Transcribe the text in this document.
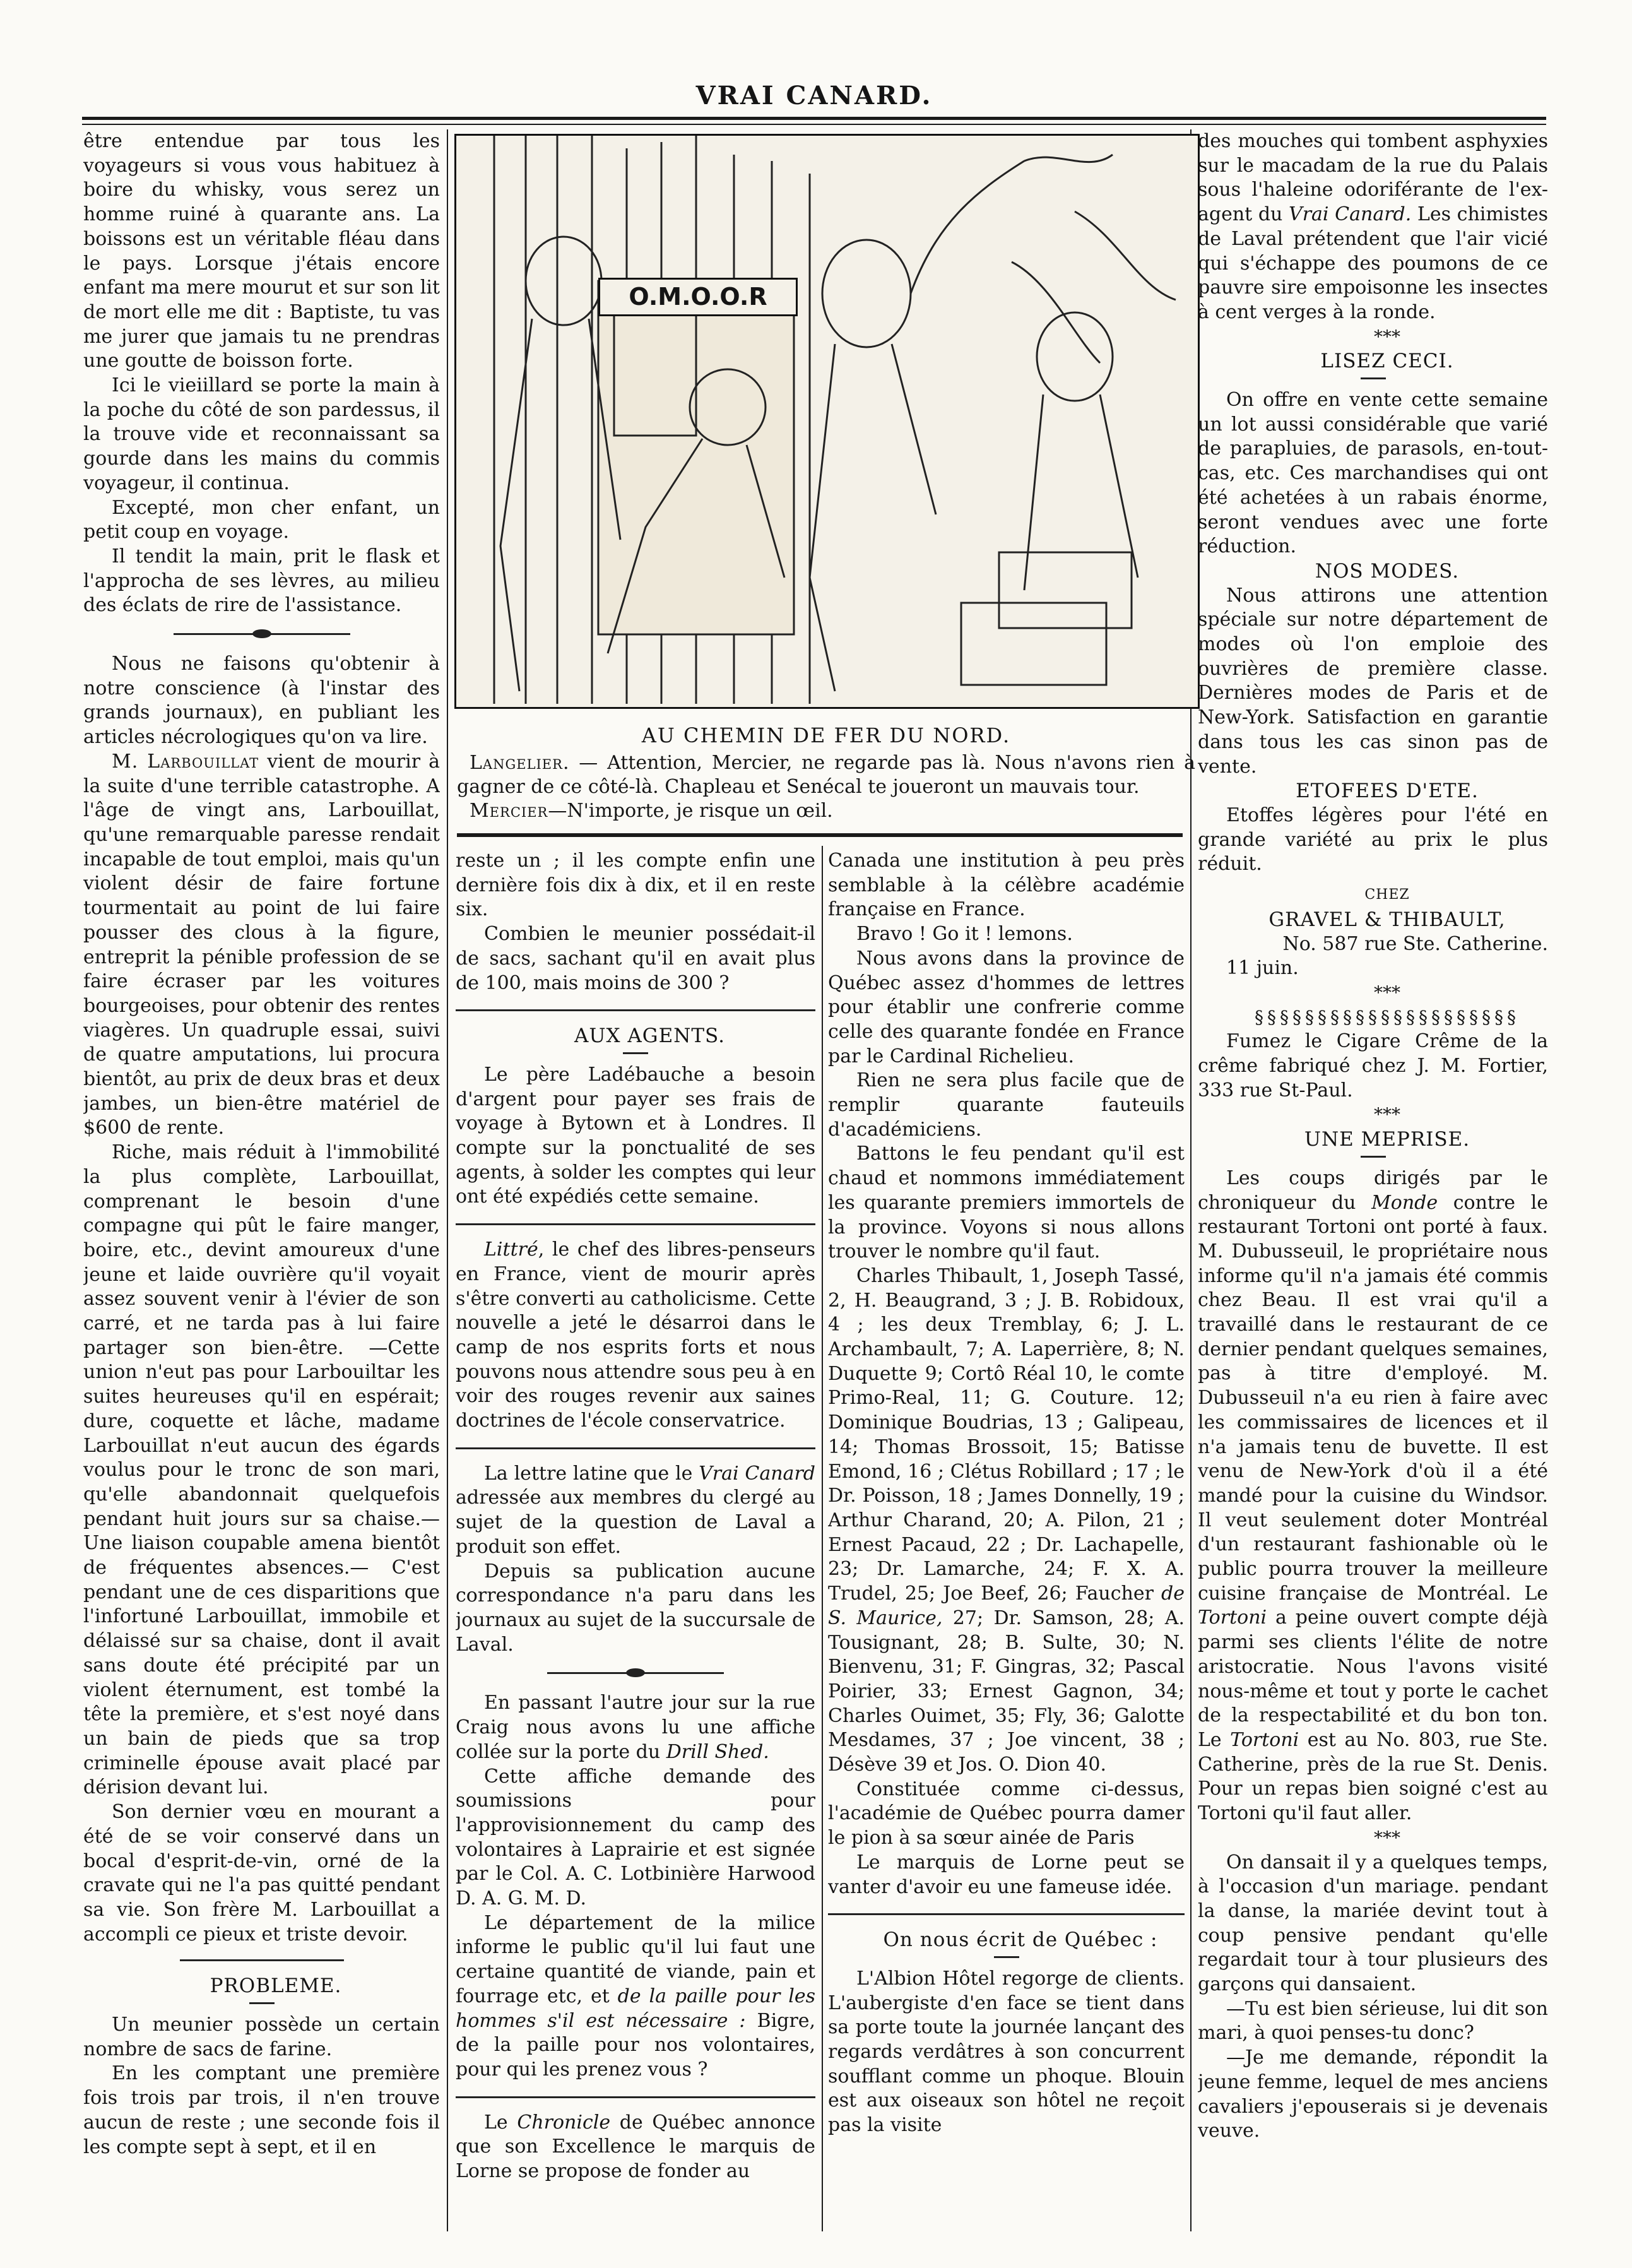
VRAI CANARD.

être entendue par tous les voyageurs si vous vous habituez à boire du whisky, vous serez un homme ruiné à quarante ans. La boissons est un véritable fléau dans le pays. Lorsque j'étais encore enfant ma mere mourut et sur son lit de mort elle me dit : Baptiste, tu vas me jurer que jamais tu ne prendras une goutte de boisson forte.

Ici le vieiillard se porte la main à la poche du côté de son pardessus, il la trouve vide et reconnaissant sa gourde dans les mains du commis voyageur, il continua.

Excepté, mon cher enfant, un petit coup en voyage.

Il tendit la main, prit le flask et l'approcha de ses lèvres, au milieu des éclats de rire de l'assistance.

Nous ne faisons qu'obtenir à notre conscience (à l'instar des grands journaux), en publiant les articles nécrologiques qu'on va lire.

M. Larbouillat vient de mourir à la suite d'une terrible catastrophe. A l'âge de vingt ans, Larbouillat, qu'une remarquable paresse rendait incapable de tout emploi, mais qu'un violent désir de faire fortune tourmentait au point de lui faire pousser des clous à la figure, entreprit la pénible profession de se faire écraser par les voitures bourgeoises, pour obtenir des rentes viagères. Un quadruple essai, suivi de quatre amputations, lui procura bientôt, au prix de deux bras et deux jambes, un bien-être matériel de $600 de rente.

Riche, mais réduit à l'immobilité la plus complète, Larbouillat, comprenant le besoin d'une compagne qui pût le faire manger, boire, etc., devint amoureux d'une jeune et laide ouvrière qu'il voyait assez souvent venir à l'évier de son carré, et ne tarda pas à lui faire partager son bien-être. —Cette union n'eut pas pour Larbouiltar les suites heureuses qu'il en espérait; dure, coquette et lâche, madame Larbouillat n'eut aucun des égards voulus pour le tronc de son mari, qu'elle abandonnait quelquefois pendant huit jours sur sa chaise.— Une liaison coupable amena bientôt de fréquentes absences.— C'est pendant une de ces disparitions que l'infortuné Larbouillat, immobile et délaissé sur sa chaise, dont il avait sans doute été précipité par un violent éternument, est tombé la tête la première, et s'est noyé dans un bain de pieds que sa trop criminelle épouse avait placé par dérision devant lui.

Son dernier vœu en mourant a été de se voir conservé dans un bocal d'esprit-de-vin, orné de la cravate qui ne l'a pas quitté pendant sa vie. Son frère M. Larbouillat a accompli ce pieux et triste devoir.

PROBLEME.

Un meunier possède un certain nombre de sacs de farine.

En les comptant une première fois trois par trois, il n'en trouve aucun de reste ; une seconde fois il les compte sept à sept, et il en

O.M.O.O.R
AU CHEMIN DE FER DU NORD.

Langelier. — Attention, Mercier, ne regarde pas là. Nous n'avons rien à gagner de ce côté-là. Chapleau et Senécal te joueront un mauvais tour.

Mercier—N'importe, je risque un œil.

reste un ; il les compte enfin une dernière fois dix à dix, et il en reste six.

Combien le meunier possédait-il de sacs, sachant qu'il en avait plus de 100, mais moins de 300 ?

AUX AGENTS.

Le père Ladébauche a besoin d'argent pour payer ses frais de voyage à Bytown et à Londres. Il compte sur la ponctualité de ses agents, à solder les comptes qui leur ont été expédiés cette semaine.

Littré, le chef des libres-penseurs en France, vient de mourir après s'être converti au catholicisme. Cette nouvelle a jeté le désarroi dans le camp de nos esprits forts et nous pouvons nous attendre sous peu à en voir des rouges revenir aux saines doctrines de l'école conservatrice.

La lettre latine que le Vrai Canard adressée aux membres du clergé au sujet de la question de Laval a produit son effet.

Depuis sa publication aucune correspondance n'a paru dans les journaux au sujet de la succursale de Laval.

En passant l'autre jour sur la rue Craig nous avons lu une affiche collée sur la porte du Drill Shed.

Cette affiche demande des soumissions pour l'approvisionnement du camp des volontaires à Laprairie et est signée par le Col. A. C. Lotbinière Harwood D. A. G. M. D.

Le département de la milice informe le public qu'il lui faut une certaine quantité de viande, pain et fourrage etc, et de la paille pour les hommes s'il est nécessaire : Bigre, de la paille pour nos volontaires, pour qui les prenez vous ?

Le Chronicle de Québec annonce que son Excellence le marquis de Lorne se propose de fonder au

Canada une institution à peu près semblable à la célèbre académie française en France.

Bravo ! Go it ! lemons.

Nous avons dans la province de Québec assez d'hommes de lettres pour établir une confrerie comme celle des quarante fondée en France par le Cardinal Richelieu.

Rien ne sera plus facile que de remplir quarante fauteuils d'académiciens.

Battons le feu pendant qu'il est chaud et nommons immédiatement les quarante premiers immortels de la province. Voyons si nous allons trouver le nombre qu'il faut.

Charles Thibault, 1, Joseph Tassé, 2, H. Beaugrand, 3 ; J. B. Robidoux, 4 ; les deux Tremblay, 6; J. L. Archambault, 7; A. Laperrière, 8; N. Duquette 9; Cortô Réal 10, le comte Primo-Real, 11; G. Couture. 12; Dominique Boudrias, 13 ; Galipeau, 14; Thomas Brossoit, 15; Batisse Emond, 16 ; Clétus Robillard ; 17 ; le Dr. Poisson, 18 ; James Donnelly, 19 ; Arthur Charand, 20; A. Pilon, 21 ; Ernest Pacaud, 22 ; Dr. Lachapelle, 23; Dr. Lamarche, 24; F. X. A. Trudel, 25; Joe Beef, 26; Faucher de S. Maurice, 27; Dr. Samson, 28; A. Tousignant, 28; B. Sulte, 30; N. Bienvenu, 31; F. Gingras, 32; Pascal Poirier, 33; Ernest Gagnon, 34; Charles Ouimet, 35; Fly, 36; Galotte Mesdames, 37 ; Joe vincent, 38 ; Désève 39 et Jos. O. Dion 40.

Constituée comme ci-dessus, l'académie de Québec pourra damer le pion à sa sœur ainée de Paris

Le marquis de Lorne peut se vanter d'avoir eu une fameuse idée.

On nous écrit de Québec :

L'Albion Hôtel regorge de clients. L'aubergiste d'en face se tient dans sa porte toute la journée lançant des regards verdâtres à son concurrent soufflant comme un phoque. Blouin est aux oiseaux son hôtel ne reçoit pas la visite

des mouches qui tombent asphyxies sur le macadam de la rue du Palais sous l'haleine odoriférante de l'ex-agent du Vrai Canard. Les chimistes de Laval prétendent que l'air vicié qui s'échappe des poumons de ce pauvre sire empoisonne les insectes à cent verges à la ronde.

***

LISEZ CECI.

On offre en vente cette semaine un lot aussi considérable que varié de parapluies, de parasols, en-tout-cas, etc. Ces marchandises qui ont été achetées à un rabais énorme, seront vendues avec une forte réduction.

NOS MODES.

Nous attirons une attention spéciale sur notre département de modes où l'on emploie des ouvrières de première classe. Dernières modes de Paris et de New-York. Satisfaction en garantie dans tous les cas sinon pas de vente.

ETOFEES D'ETE.

Etoffes légères pour l'été en grande variété au prix le plus réduit.

CHEZ

GRAVEL & THIBAULT,

No. 587 rue Ste. Catherine.

11 juin.

***

§§§§§§§§§§§§§§§§§§§§§

Fumez le Cigare Crême de la crême fabriqué chez J. M. Fortier, 333 rue St-Paul.

***

UNE MEPRISE.

Les coups dirigés par le chroniqueur du Monde contre le restaurant Tortoni ont porté à faux. M. Dubusseuil, le propriétaire nous informe qu'il n'a jamais été commis chez Beau. Il est vrai qu'il a travaillé dans le restaurant de ce dernier pendant quelques semaines, pas à titre d'employé. M. Dubusseuil n'a eu rien à faire avec les commissaires de licences et il n'a jamais tenu de buvette. Il est venu de New-York d'où il a été mandé pour la cuisine du Windsor. Il veut seulement doter Montréal d'un restaurant fashionable où le public pourra trouver la meilleure cuisine française de Montréal. Le Tortoni a peine ouvert compte déjà parmi ses clients l'élite de notre aristocratie. Nous l'avons visité nous-même et tout y porte le cachet de la respectabilité et du bon ton. Le Tortoni est au No. 803, rue Ste. Catherine, près de la rue St. Denis. Pour un repas bien soigné c'est au Tortoni qu'il faut aller.

***

On dansait il y a quelques temps, à l'occasion d'un mariage. pendant la danse, la mariée devint tout à coup pensive pendant qu'elle regardait tour à tour plusieurs des garçons qui dansaient.

—Tu est bien sérieuse, lui dit son mari, à quoi penses-tu donc?

—Je me demande, répondit la jeune femme, lequel de mes anciens cavaliers j'epouserais si je devenais veuve.
